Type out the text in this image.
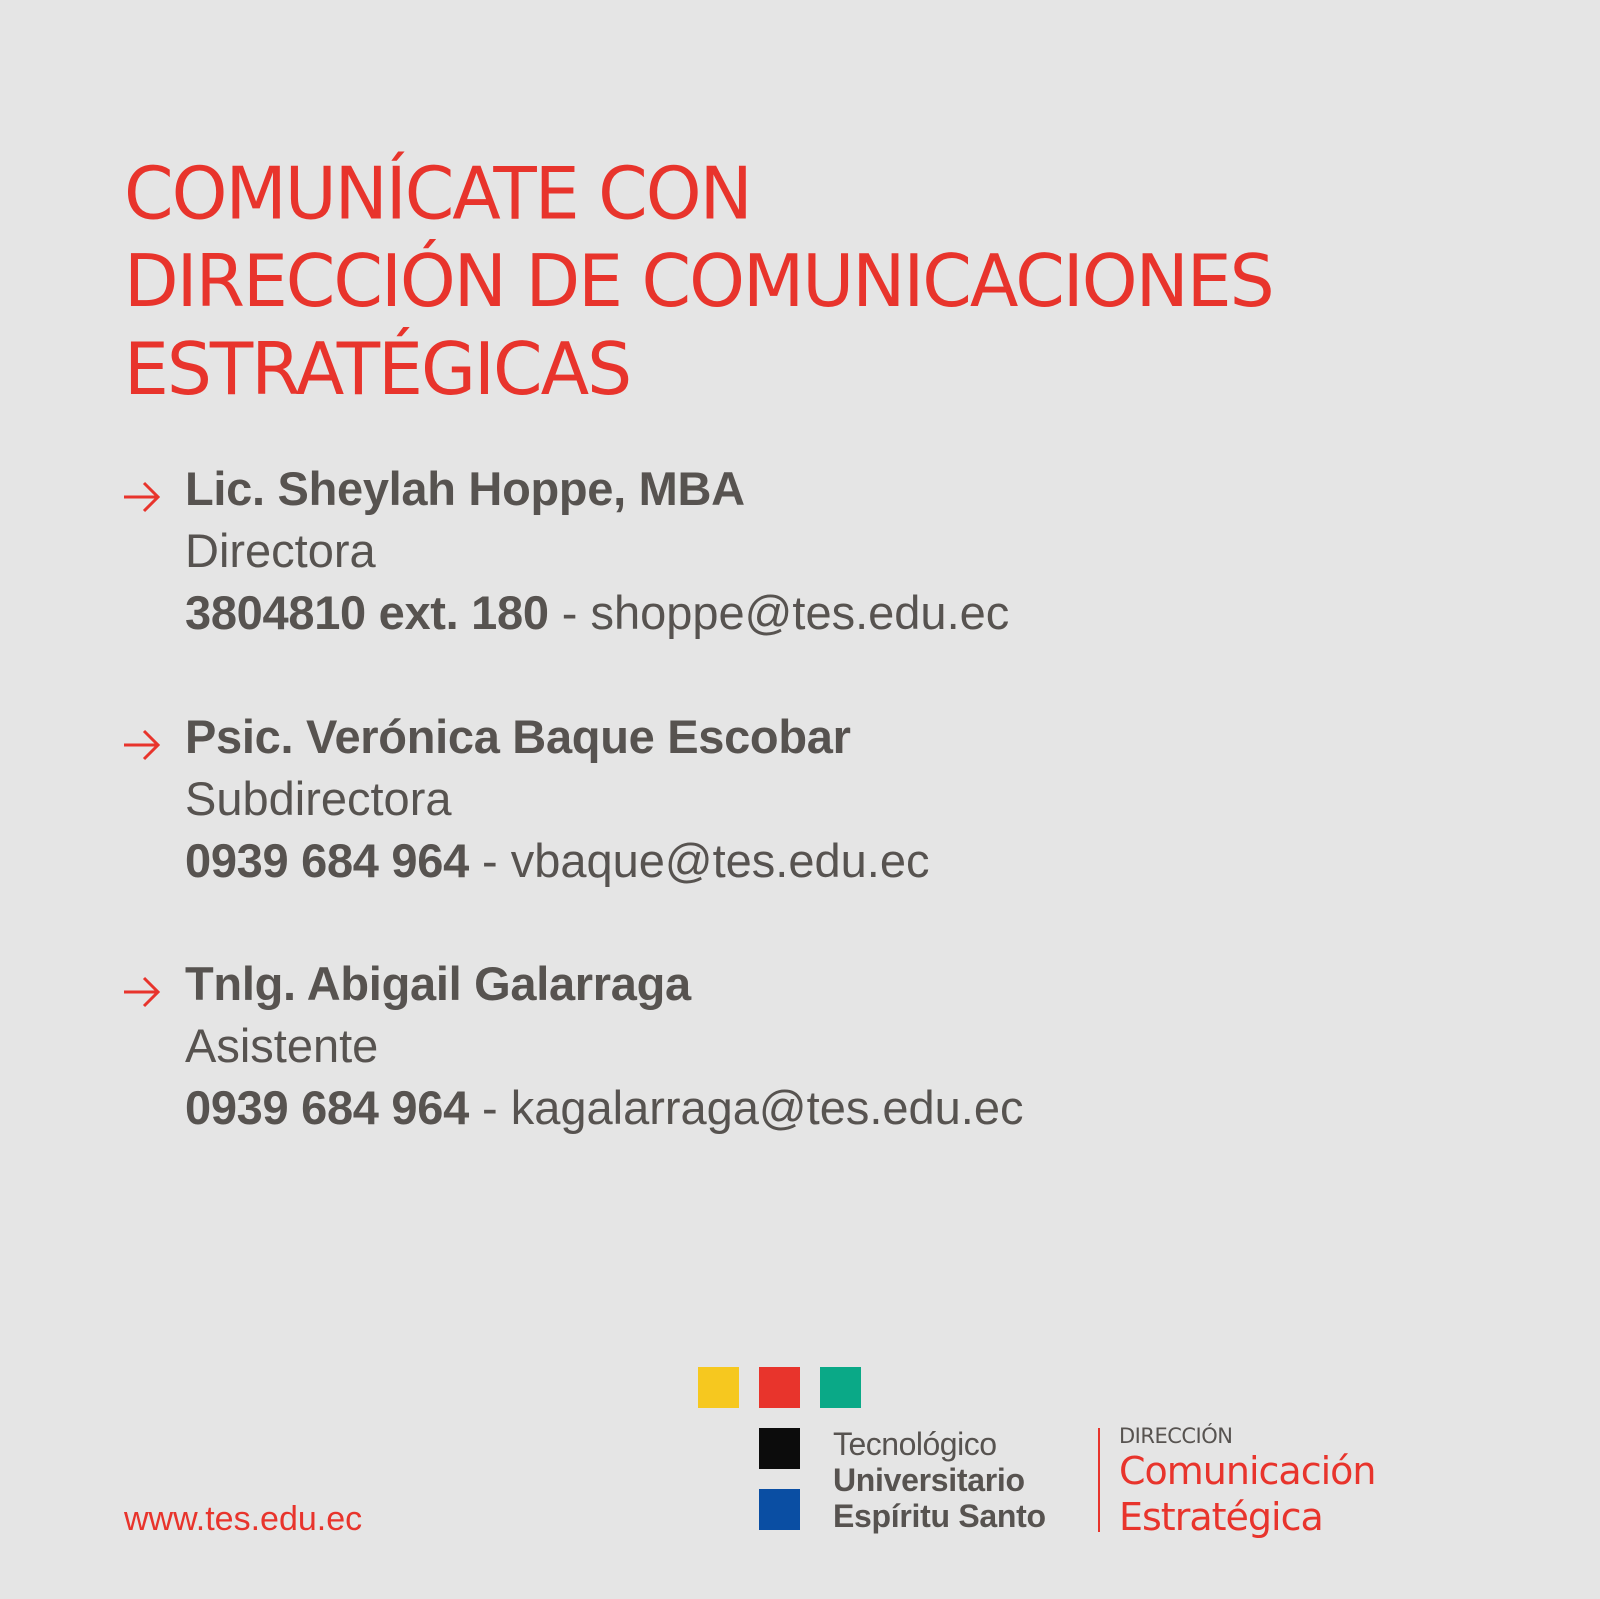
COMUNÍCATE CON
DIRECCIÓN DE COMUNICACIONES
ESTRATÉGICAS
Lic. Sheylah Hoppe, MBA
Directora
3804810 ext. 180 - shoppe@tes.edu.ec
Psic. Verónica Baque Escobar
Subdirectora
0939 684 964 - vbaque@tes.edu.ec
Tnlg. Abigail Galarraga
Asistente
0939 684 964 - kagalarraga@tes.edu.ec
www.tes.edu.ec
Tecnológico
Universitario
Espíritu Santo
DIRECCIÓN
Comunicación
Estratégica
